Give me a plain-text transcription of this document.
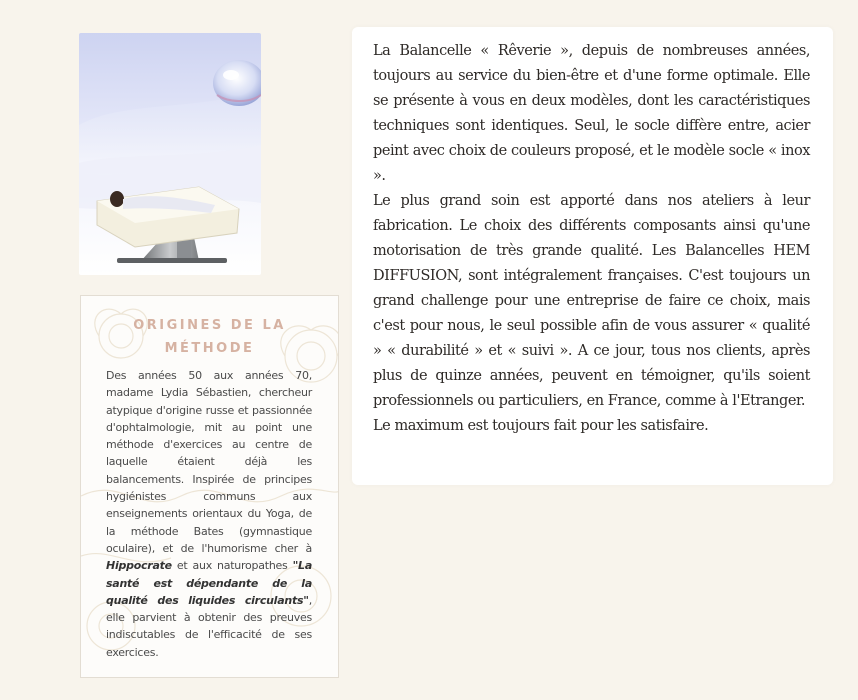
ORIGINES DE LA MÉTHODE
Des années 50 aux années 70, madame Lydia Sébastien, chercheur atypique d'origine russe et passionnée d'ophtalmologie, mit au point une méthode d'exercices au centre de laquelle étaient déjà les balancements. Inspirée de principes hygiénistes communs aux enseignements orientaux du Yoga, de la méthode Bates (gymnastique oculaire), et de l'humorisme cher à Hippocrate et aux naturopathes "La santé est dépendante de la qualité des liquides circulants", elle parvient à obtenir des preuves indiscutables de l'efficacité de ses exercices.

La Balancelle « Rêverie », depuis de nombreuses années, toujours au service du bien-être et d'une forme optimale. Elle se présente à vous en deux modèles, dont les caractéristiques techniques sont identiques. Seul, le socle diffère entre, acier peint avec choix de couleurs proposé, et le modèle socle « inox ».

Le plus grand soin est apporté dans nos ateliers à leur fabrication. Le choix des différents composants ainsi qu'une motorisation de très grande qualité. Les Balancelles HEM DIFFUSION, sont intégralement françaises. C'est toujours un grand challenge pour une entreprise de faire ce choix, mais c'est pour nous, le seul possible afin de vous assurer « qualité » « durabilité » et « suivi ». A ce jour, tous nos clients, après plus de quinze années, peuvent en témoigner, qu'ils soient professionnels ou particuliers, en France, comme à l'Etranger.

Le maximum est toujours fait pour les satisfaire.
